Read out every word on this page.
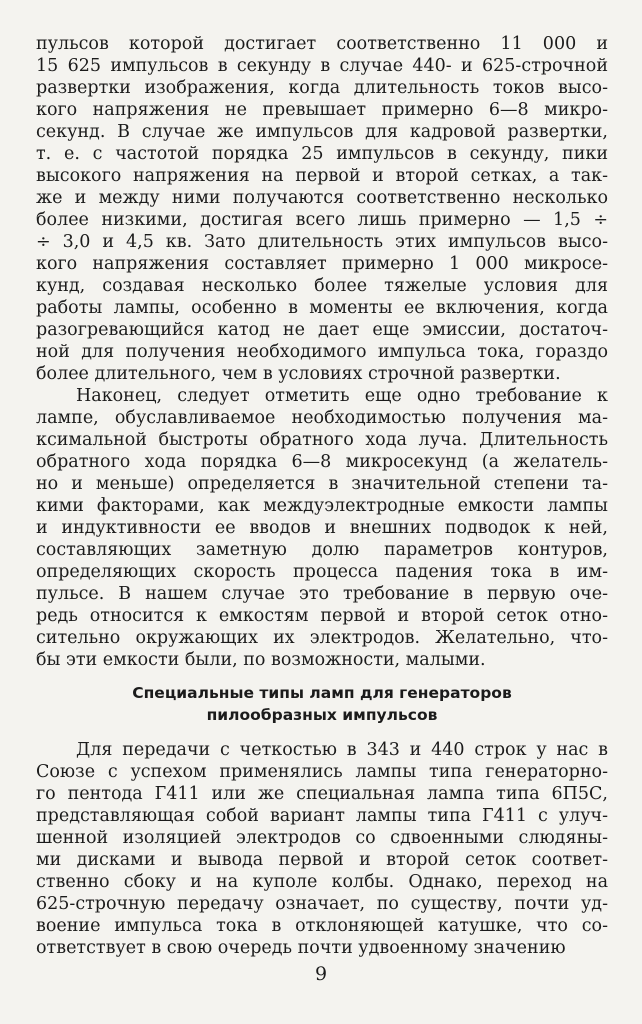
пульсов которой достигает соответственно 11 000 и
15 625 импульсов в секунду в случае 440- и 625-строчной
развертки изображения, когда длительность токов высо-
кого напряжения не превышает примерно 6—8 микро-
секунд. В случае же импульсов для кадровой развертки,
т. е. с частотой порядка 25 импульсов в секунду, пики
высокого напряжения на первой и второй сетках, а так-
же и между ними получаются соответственно несколько
более низкими, достигая всего лишь примерно — 1,5 ÷
÷ 3,0 и 4,5 кв. Зато длительность этих импульсов высо-
кого напряжения составляет примерно 1 000 микросе-
кунд, создавая несколько более тяжелые условия для
работы лампы, особенно в моменты ее включения, когда
разогревающийся катод не дает еще эмиссии, достаточ-
ной для получения необходимого импульса тока, гораздо
более длительного, чем в условиях строчной развертки.
Наконец, следует отметить еще одно требование к
лампе, обуславливаемое необходимостью получения ма-
ксимальной быстроты обратного хода луча. Длительность
обратного хода порядка 6—8 микросекунд (а желатель-
но и меньше) определяется в значительной степени та-
кими факторами, как междуэлектродные емкости лампы
и индуктивности ее вводов и внешних подводок к ней,
составляющих заметную долю параметров контуров,
определяющих скорость процесса падения тока в им-
пульсе. В нашем случае это требование в первую оче-
редь относится к емкостям первой и второй сеток отно-
сительно окружающих их электродов. Желательно, что-
бы эти емкости были, по возможности, малыми.
Специальные типы ламп для генераторов
пилообразных импульсов
Для передачи с четкостью в 343 и 440 строк у нас в
Союзе с успехом применялись лампы типа генераторно-
го пентода Г411 или же специальная лампа типа 6П5С,
представляющая собой вариант лампы типа Г411 с улуч-
шенной изоляцией электродов со сдвоенными слюдяны-
ми дисками и вывода первой и второй сеток соответ-
ственно сбоку и на куполе колбы. Однако, переход на
625-строчную передачу означает, по существу, почти уд-
воение импульса тока в отклоняющей катушке, что со-
ответствует в свою очередь почти удвоенному значению
9
